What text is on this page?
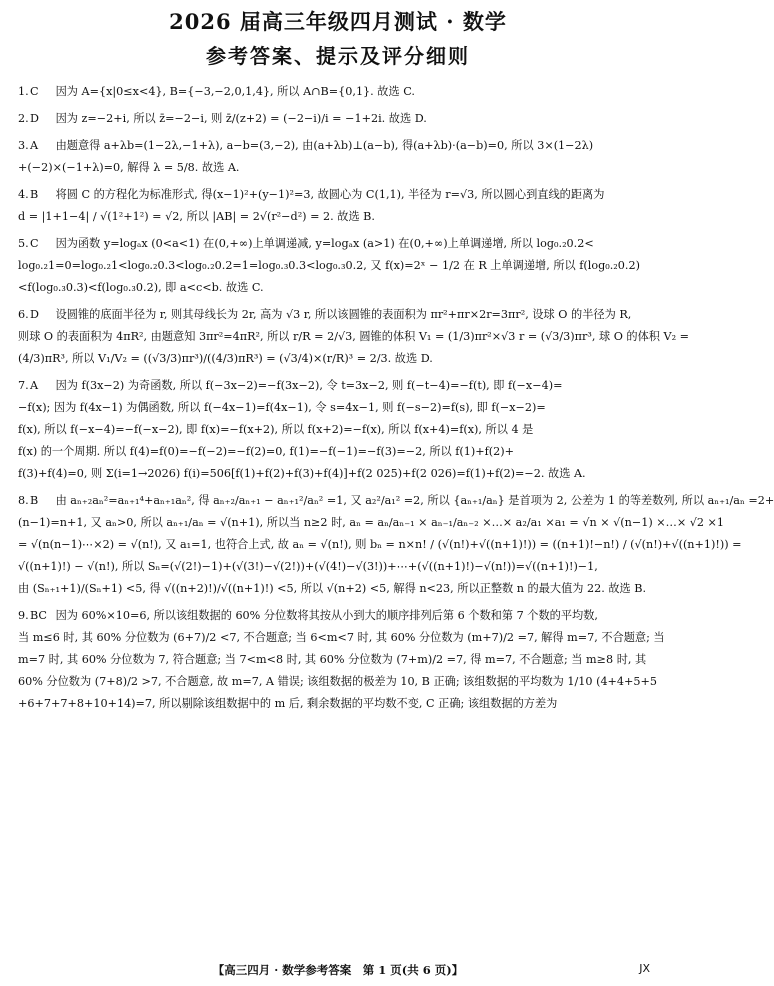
2026 届高三年级四月测试 · 数学
参考答案、提示及评分细则
1.C 因为 A={x|0≤x<4}, B={−3,−2,0,1,4}, 所以 A∩B={0,1}. 故选 C.
2.D 因为 z=−2+i, 所以 z̄=−2−i, 则 z̄/(z+2) = (−2−i)/i = −1+2i. 故选 D.
3.A 由题意得 a+λb=(1−2λ,−1+λ), a−b=(3,−2), 由(a+λb)⊥(a−b), 得(a+λb)·(a−b)=0, 所以 3×(1−2λ)
+(−2)×(−1+λ)=0, 解得 λ = 5/8. 故选 A.
4.B 将圆 C 的方程化为标准形式, 得(x−1)²+(y−1)²=3, 故圆心为 C(1,1), 半径为 r=√3, 所以圆心到直线的距离为
d = |1+1−4| / √(1²+1²) = √2, 所以 |AB| = 2√(r²−d²) = 2. 故选 B.
5.C 因为函数 y=logₐx (0<a<1) 在(0,+∞)上单调递减, y=logₐx (a>1) 在(0,+∞)上单调递增, 所以 log₀.₂0.2<
log₀.₂1=0=log₀.₂1<log₀.₂0.3<log₀.₂0.2=1=log₀.₃0.3<log₀.₃0.2, 又 f(x)=2ˣ − 1/2 在 R 上单调递增, 所以 f(log₀.₂0.2)
<f(log₀.₃0.3)<f(log₀.₃0.2), 即 a<c<b. 故选 C.
6.D 设圆锥的底面半径为 r, 则其母线长为 2r, 高为 √3 r, 所以该圆锥的表面积为 πr²+πr×2r=3πr², 设球 O 的半径为 R,
则球 O 的表面积为 4πR², 由题意知 3πr²=4πR², 所以 r/R = 2/√3, 圆锥的体积 V₁ = (1/3)πr²×√3 r = (√3/3)πr³, 球 O 的体积 V₂ =
(4/3)πR³, 所以 V₁/V₂ = ((√3/3)πr³)/((4/3)πR³) = (√3/4)×(r/R)³ = 2/3. 故选 D.
7.A 因为 f(3x−2) 为奇函数, 所以 f(−3x−2)=−f(3x−2), 令 t=3x−2, 则 f(−t−4)=−f(t), 即 f(−x−4)=
−f(x); 因为 f(4x−1) 为偶函数, 所以 f(−4x−1)=f(4x−1), 令 s=4x−1, 则 f(−s−2)=f(s), 即 f(−x−2)=
f(x), 所以 f(−x−4)=−f(−x−2), 即 f(x)=−f(x+2), 所以 f(x+2)=−f(x), 所以 f(x+4)=f(x), 所以 4 是
f(x) 的一个周期. 所以 f(4)=f(0)=−f(−2)=−f(2)=0, f(1)=−f(−1)=−f(3)=−2, 所以 f(1)+f(2)+
f(3)+f(4)=0, 则 Σ(i=1→2026) f(i)=506[f(1)+f(2)+f(3)+f(4)]+f(2 025)+f(2 026)=f(1)+f(2)=−2. 故选 A.
8.B 由 aₙ₊₂aₙ²=aₙ₊₁⁴+aₙ₊₁aₙ², 得 aₙ₊₂/aₙ₊₁ − aₙ₊₁²/aₙ² =1, 又 a₂²/a₁² =2, 所以 {aₙ₊₁/aₙ} 是首项为 2, 公差为 1 的等差数列, 所以 aₙ₊₁/aₙ =2+
(n−1)=n+1, 又 aₙ>0, 所以 aₙ₊₁/aₙ = √(n+1), 所以当 n≥2 时, aₙ = aₙ/aₙ₋₁ × aₙ₋₁/aₙ₋₂ ×…× a₂/a₁ ×a₁ = √n × √(n−1) ×…× √2 ×1
= √(n(n−1)⋯×2) = √(n!), 又 a₁=1, 也符合上式, 故 aₙ = √(n!), 则 bₙ = n×n! / (√(n!)+√((n+1)!)) = ((n+1)!−n!) / (√(n!)+√((n+1)!)) =
√((n+1)!) − √(n!), 所以 Sₙ=(√(2!)−1)+(√(3!)−√(2!))+(√(4!)−√(3!))+⋯+(√((n+1)!)−√(n!))=√((n+1)!)−1,
由 (Sₙ₊₁+1)/(Sₙ+1) <5, 得 √((n+2)!)/√((n+1)!) <5, 所以 √(n+2) <5, 解得 n<23, 所以正整数 n 的最大值为 22. 故选 B.
9.BC 因为 60%×10=6, 所以该组数据的 60% 分位数将其按从小到大的顺序排列后第 6 个数和第 7 个数的平均数,
当 m≤6 时, 其 60% 分位数为 (6+7)/2 <7, 不合题意; 当 6<m<7 时, 其 60% 分位数为 (m+7)/2 =7, 解得 m=7, 不合题意; 当
m=7 时, 其 60% 分位数为 7, 符合题意; 当 7<m<8 时, 其 60% 分位数为 (7+m)/2 =7, 得 m=7, 不合题意; 当 m≥8 时, 其
60% 分位数为 (7+8)/2 >7, 不合题意, 故 m=7, A 错误; 该组数据的极差为 10, B 正确; 该组数据的平均数为 1/10 (4+4+5+5
+6+7+7+8+10+14)=7, 所以剔除该组数据中的 m 后, 剩余数据的平均数不变, C 正确; 该组数据的方差为
【高三四月 · 数学参考答案　第 1 页(共 6 页)】	JX
